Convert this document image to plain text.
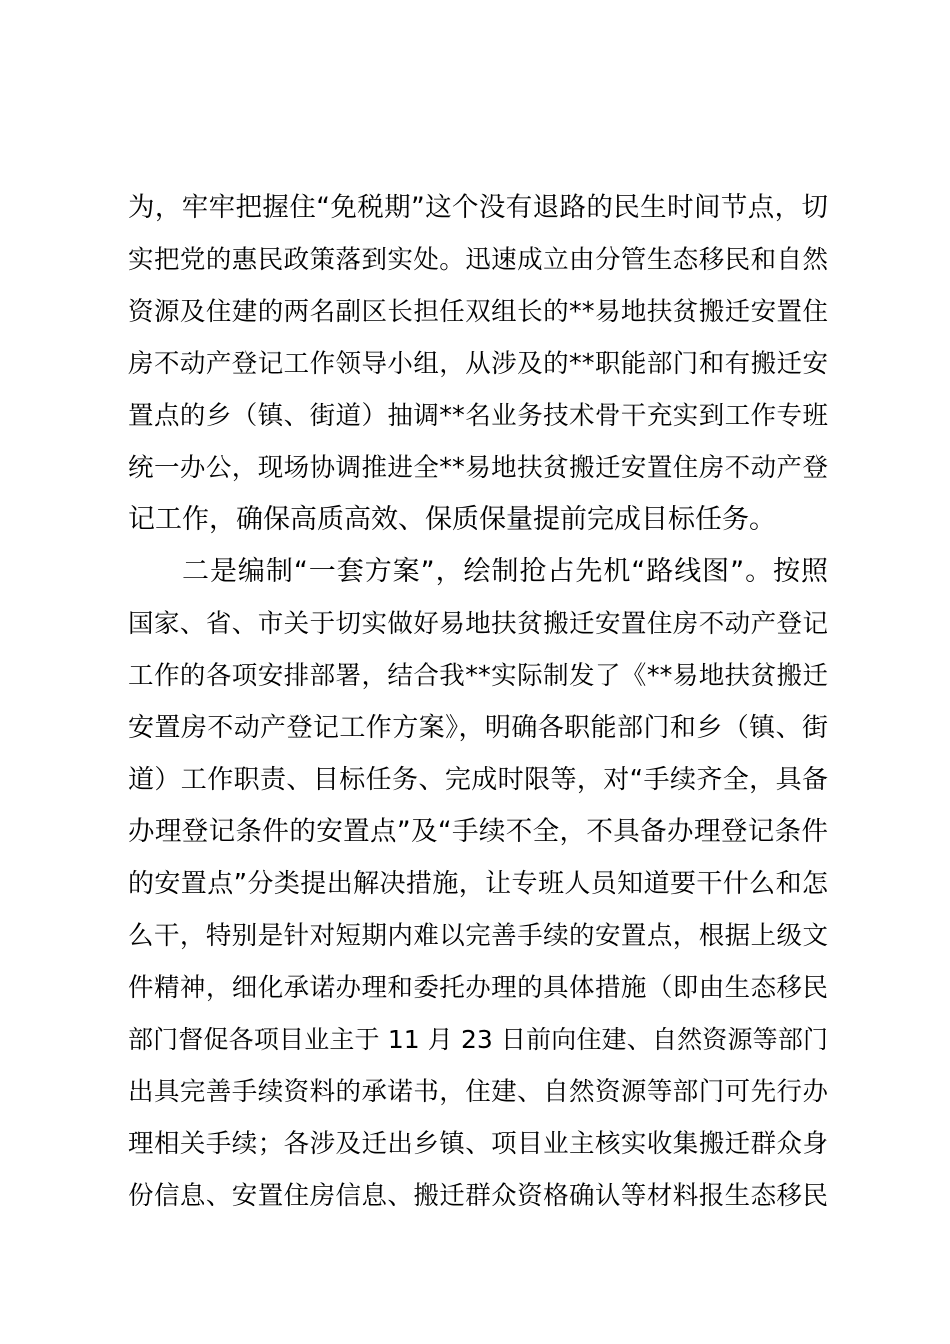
为，牢牢把握住“免税期”这个没有退路的民生时间节点，切
实把党的惠民政策落到实处。迅速成立由分管生态移民和自然
资源及住建的两名副区长担任双组长的**易地扶贫搬迁安置住
房不动产登记工作领导小组，从涉及的**职能部门和有搬迁安
置点的乡（镇、街道）抽调**名业务技术骨干充实到工作专班
统一办公，现场协调推进全**易地扶贫搬迁安置住房不动产登
记工作，确保高质高效、保质保量提前完成目标任务。
二是编制“一套方案”，绘制抢占先机“路线图”。按照
国家、省、市关于切实做好易地扶贫搬迁安置住房不动产登记
工作的各项安排部署，结合我**实际制发了《**易地扶贫搬迁
安置房不动产登记工作方案》，明确各职能部门和乡（镇、街
道）工作职责、目标任务、完成时限等，对“手续齐全，具备
办理登记条件的安置点”及“手续不全，不具备办理登记条件
的安置点”分类提出解决措施，让专班人员知道要干什么和怎
么干，特别是针对短期内难以完善手续的安置点，根据上级文
件精神，细化承诺办理和委托办理的具体措施（即由生态移民
部门督促各项目业主于 11 月 23 日前向住建、自然资源等部门
出具完善手续资料的承诺书，住建、自然资源等部门可先行办
理相关手续；各涉及迁出乡镇、项目业主核实收集搬迁群众身
份信息、安置住房信息、搬迁群众资格确认等材料报生态移民
